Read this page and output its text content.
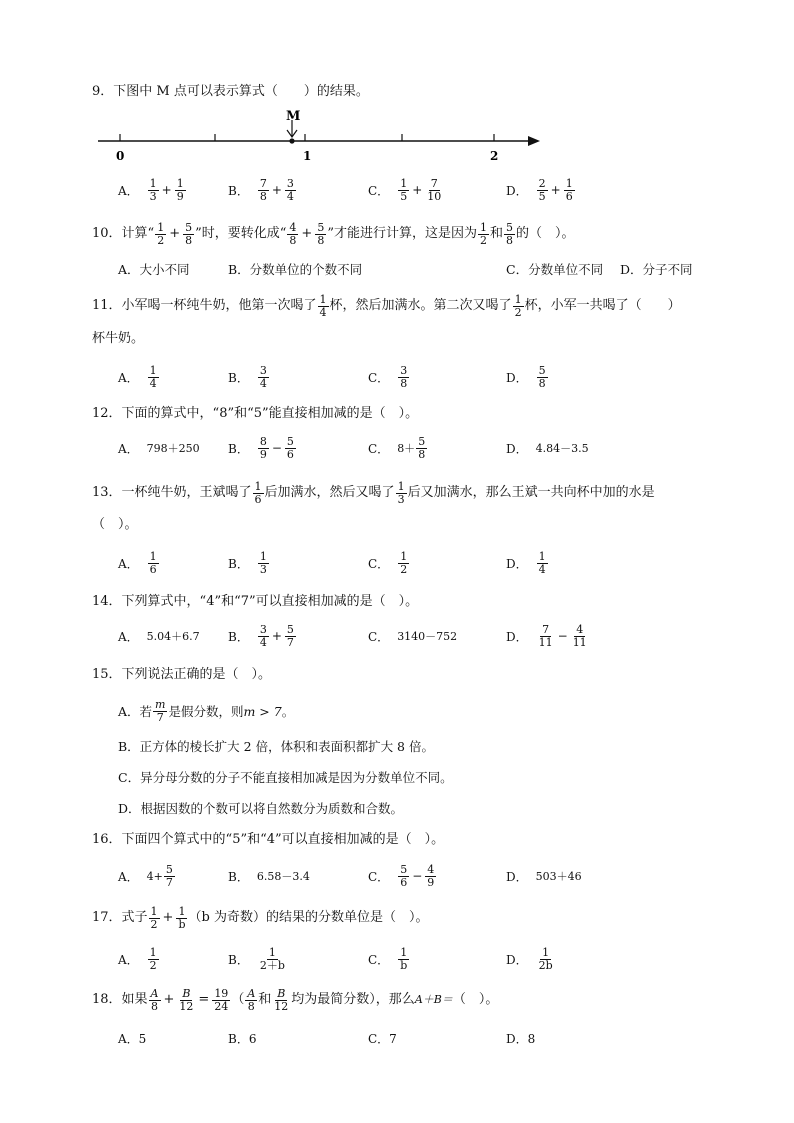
9．下图中 M 点可以表示算式（　　）的结果。
M
0	1	2
A． $\frac{1}{3} + \frac{1}{9}$	B． $\frac{7}{8} + \frac{3}{4}$	C． $\frac{1}{5} + \frac{7}{10}$	D． $\frac{2}{5} + \frac{1}{6}$
10．计算“ $\frac{1}{2} + \frac{5}{8}$ ”时，要转化成“ $\frac{4}{8} + \frac{5}{8}$ ”才能进行计算，这是因为 $\frac{1}{2}$ 和 $\frac{5}{8}$ 的（　）。
A．大小不同	B．分数单位的个数不同	C．分数单位不同 D．分子不同
11．小军喝一杯纯牛奶，他第一次喝了 $\frac{1}{4}$ 杯，然后加满水。第二次又喝了 $\frac{1}{2}$ 杯，小军一共喝了（　　）
杯牛奶。
A． $\frac{1}{4}$	B． $\frac{3}{4}$	C． $\frac{3}{8}$	D． $\frac{5}{8}$
12．下面的算式中，“8”和“5”能直接相加减的是（　）。
A． 798＋250 B． $\frac{8}{9} - \frac{5}{6}$	C． $8+ \frac{5}{8}$	D． 4.84－3.5
13．一杯纯牛奶，王斌喝了 $\frac{1}{6}$ 后加满水，然后又喝了 $\frac{1}{3}$ 后又加满水，那么王斌一共向杯中加的水是
（　）。
A． $\frac{1}{6}$	B． $\frac{1}{3}$	C． $\frac{1}{2}$	D． $\frac{1}{4}$
14．下列算式中，“4”和“7”可以直接相加减的是（　）。
A． 5.04＋6.7 B． $\frac{3}{4} + \frac{5}{7}$	C． 3140－752	D． $\frac{7}{11} - \frac{4}{11}$
15．下列说法正确的是（　）。
A．若 $\frac{m}{7}$ 是假分数，则 m > 7 。
B．正方体的棱长扩大 2 倍，体积和表面积都扩大 8 倍。
C．异分母分数的分子不能直接相加减是因为分数单位不同。
D．根据因数的个数可以将自然数分为质数和合数。
16．下面四个算式中的“5”和“4”可以直接相加减的是（　）。
A． $4+ \frac{5}{7}$	B． 6.58－3.4	C． $\frac{5}{6} - \frac{4}{9}$	D． 503＋46
17．式子 $\frac{1}{2} + \frac{1}{b} (b$ 为奇数）的结果的分数单位是（　）。
A． $\frac{1}{2}$	B． $\frac{1}{2+b}$	C． $\frac{1}{b}$	D． $\frac{1}{2b}$
18．如果 $\frac{A}{8} + \frac{B}{12} = \frac{19}{24}$ （ $\frac{A}{8}$ 和 $\frac{B}{12}$ 均为最简分数），那么 A＋B＝ （　）。
A．5	B．6	C．7	D．8
